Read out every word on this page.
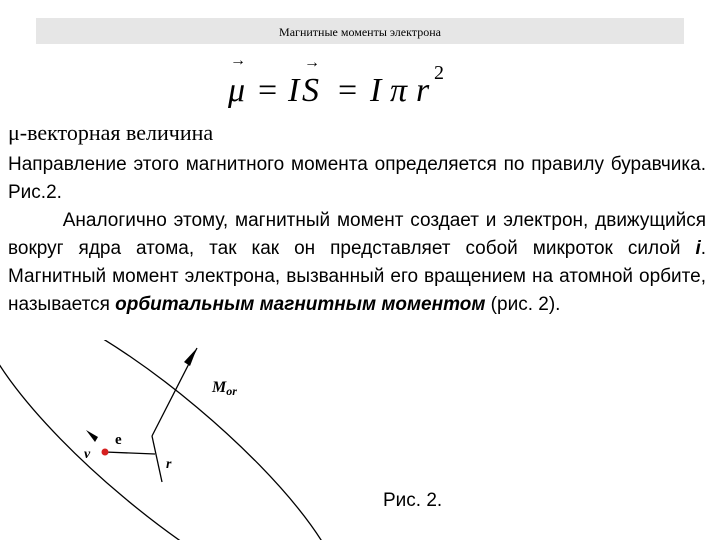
Магнитные моменты электрона
→
μ = I S
→
= I π r 2
μ-векторная величина
Направление этого магнитного момента определяется по правилу буравчика. Рис.2.
Аналогично этому, магнитный момент создает и электрон, движущийся вокруг ядра атома, так как он представляет собой микроток силой i. Магнитный момент электрона, вызванный его вращением на атомной орбите, называется орбитальным магнитным моментом (рис. 2).
Mor
e
v
r
Рис. 2.
